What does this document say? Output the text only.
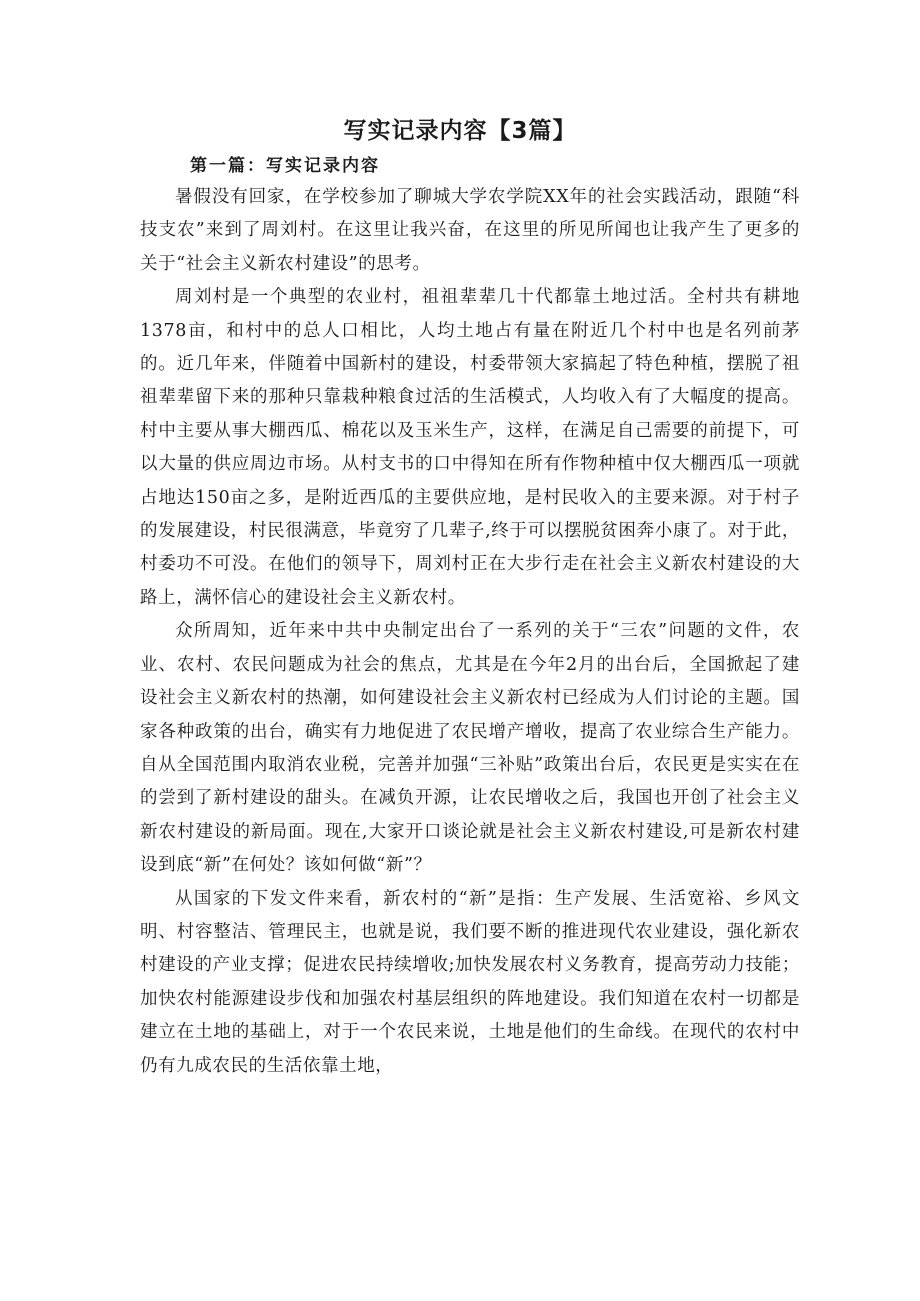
写实记录内容【3篇】
第一篇：写实记录内容

暑假没有回家，在学校参加了聊城大学农学院XX年的社会实践活动，跟随“科技支农”来到了周刘村。在这里让我兴奋，在这里的所见所闻也让我产生了更多的关于“社会主义新农村建设”的思考。

周刘村是一个典型的农业村，祖祖辈辈几十代都靠土地过活。全村共有耕地1378亩，和村中的总人口相比，人均土地占有量在附近几个村中也是名列前茅的。近几年来，伴随着中国新村的建设，村委带领大家搞起了特色种植，摆脱了祖祖辈辈留下来的那种只靠栽种粮食过活的生活模式，人均收入有了大幅度的提高。村中主要从事大棚西瓜、棉花以及玉米生产，这样，在满足自己需要的前提下，可以大量的供应周边市场。从村支书的口中得知在所有作物种植中仅大棚西瓜一项就占地达150亩之多，是附近西瓜的主要供应地，是村民收入的主要来源。对于村子的发展建设，村民很满意，毕竟穷了几辈子,终于可以摆脱贫困奔小康了。对于此，村委功不可没。在他们的领导下，周刘村正在大步行走在社会主义新农村建设的大路上，满怀信心的建设社会主义新农村。

众所周知，近年来中共中央制定出台了一系列的关于“三农”问题的文件，农业、农村、农民问题成为社会的焦点，尤其是在今年2月的出台后，全国掀起了建设社会主义新农村的热潮，如何建设社会主义新农村已经成为人们讨论的主题。国家各种政策的出台，确实有力地促进了农民增产增收，提高了农业综合生产能力。自从全国范围内取消农业税，完善并加强“三补贴”政策出台后，农民更是实实在在的尝到了新村建设的甜头。在减负开源，让农民增收之后，我国也开创了社会主义新农村建设的新局面。现在,大家开口谈论就是社会主义新农村建设,可是新农村建设到底“新”在何处？该如何做“新”？

从国家的下发文件来看，新农村的“新”是指：生产发展、生活宽裕、乡风文明、村容整洁、管理民主，也就是说，我们要不断的推进现代农业建设，强化新农村建设的产业支撑；促进农民持续增收;加快发展农村义务教育，提高劳动力技能；加快农村能源建设步伐和加强农村基层组织的阵地建设。我们知道在农村一切都是建立在土地的基础上，对于一个农民来说，土地是他们的生命线。在现代的农村中仍有九成农民的生活依靠土地，
